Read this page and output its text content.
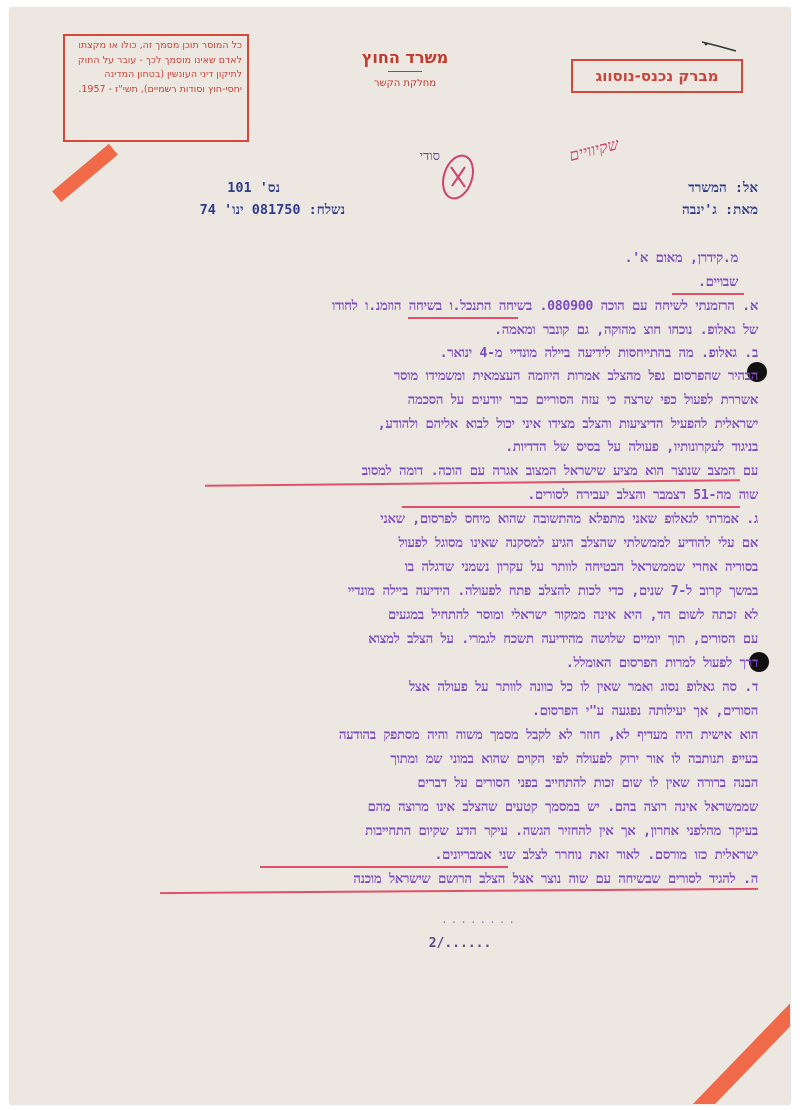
כל המוסר תוכן מסמך זה, כולו או מקצתו לאדם שאינו מוסמך לכך - עובר על החוק לתיקון דיני העונשין (בטחון המדינה יחסי-חוץ וסודות רשמיים), תשי"ז - 1957.
משרד החוץ
מחלקת הקשר	מברק נכנס-נוסווג
סודי	שקיוויים
אל: המשרד
מאת: ג'ינבה
נס' 101
נשלח: 081750 ינו' 74
מ.קידרן, מאום א'.
שבויים.
א. הרזמנתי לשיחה עם הוכה 080900. בשיחה התנכל.ו בשיחה הוזמנ.ו לחודו
של גאלופ. נוכחו חוצ מהוקה, גם קונבר ומאמה.
ב. גאלופ. מה בהתייחסות לידיעה ביילה מונדיי מ-4 ינואר.
הבהיר שהפרסום נפל מהצלב אמרות היוזמה העצמאית ומשמידו מוסר
אשררת לפעול כפי שרצה כי עזה הסוריים כבר יודעים על הסכמה
ישראלית להפעיל הדיציעות והצלב מצידו איני יכול לבוא אליהם ולהודע,
בניגוד לעקרונותיו, פעולה על בסיס של הדדיות.
עם המצב שנוצר הוא מציע שישראל המצוב אגרה עם הוכה. דומה למסוב
שוה מה-51 דצמבר והצלב יעבירה לסורים.
ג. אמרתי לגאלופ שאני מתפלא מהתשובה שהוא מיחס לפרסום, שאני
אם עלי להודיע לממשלתי שהצלב הגיע למסקנה שאינו מסוגל לפעול
בסוריה אחרי שממשראל הבטיחה לוותר על עקרון נשמני שדגלה בו
במשך קרוב ל-7 שנים, כדי לכות להצלב פתח לפעולה. הידיעה ביילה מונדיי
לא זכתה לשום הד, היא אינה ממקור ישראלי ומוסר להתחיל במגעים
עם הסורים, תוך יומיים שלושה מהידיעה תשכח לגמרי. על הצלב למצוא
דרך לפעול למרות הפרסום האומלל.
ד. סה גאלופ נסוג ואמר שאין לו כל כוונה לוותר על פעולה אצל
הסורים, אך יעילותה נפגעה ע"י הפרסום.
הוא אישית היה מעדיף לא, חוזר לא לקבל מסמך משוה והיה מסתפק בהודעה
בעייפ תנותבה לו אור ירוק לפעולה לפי הקוים שהוא במוני שמ ומתוך
הבנה ברורה שאין לו שום זכות להתחייב בפני הסורים על דברים
שממשראל אינה רוצה בהם. יש במסמך קטעים שהצלב אינו מרוצה מהם
בעיקר מהלפני אחרון, אך אין להחזיר הגשה. עיקר הדע שקיום התחייבות
ישראלית כזו מורסם. לאור זאת נוחרר לצלב שני אמבריונים.
ה. להגיד לסורים שבשיחה עם שוה נוצר אצל הצלב הרושם שישראל מוכנה
........
2/......
